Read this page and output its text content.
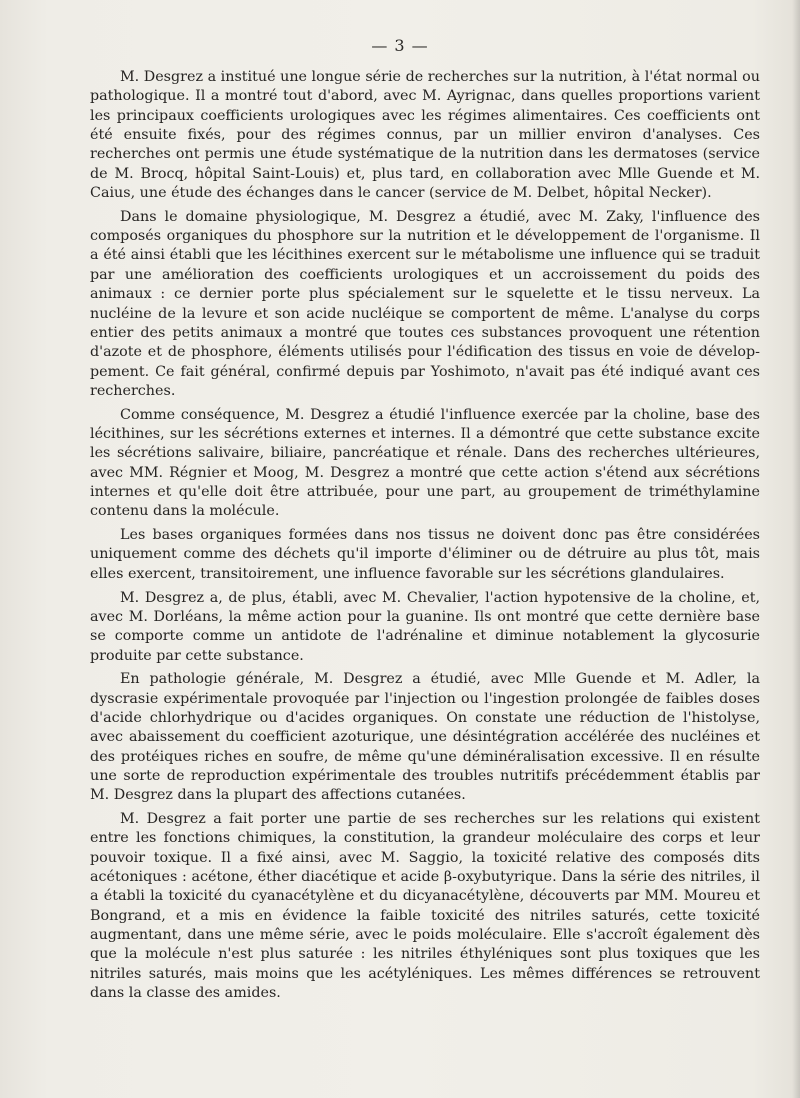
— 3 —

M. Desgrez a institué une longue série de recherches sur la nutrition, à l'état normal ou pathologique. Il a montré tout d'abord, avec M. Ayrignac, dans quelles proportions varient les principaux coefficients urologiques avec les régimes alimentaires. Ces coefficients ont été ensuite fixés, pour des régimes connus, par un millier environ d'analyses. Ces recherches ont permis une étude systématique de la nutrition dans les dermatoses (service de M. Brocq, hôpital Saint-Louis) et, plus tard, en collaboration avec Mlle Guende et M. Caius, une étude des échanges dans le cancer (service de M. Delbet, hôpital Necker).

Dans le domaine physiologique, M. Desgrez a étudié, avec M. Zaky, l'influence des composés organiques du phosphore sur la nutrition et le développement de l'organisme. Il a été ainsi établi que les lécithines exercent sur le métabolisme une influence qui se traduit par une amélioration des coefficients urologiques et un accroissement du poids des animaux : ce dernier porte plus spécialement sur le squelette et le tissu nerveux. La nucléine de la levure et son acide nucléique se comportent de même. L'analyse du corps entier des petits animaux a montré que toutes ces substances provoquent une rétention d'azote et de phosphore, éléments utilisés pour l'édification des tissus en voie de développement. Ce fait général, confirmé depuis par Yoshimoto, n'avait pas été indiqué avant ces recherches.

Comme conséquence, M. Desgrez a étudié l'influence exercée par la choline, base des lécithines, sur les sécrétions externes et internes. Il a démontré que cette substance excite les sécrétions salivaire, biliaire, pancréatique et rénale. Dans des recherches ultérieures, avec MM. Régnier et Moog, M. Desgrez a montré que cette action s'étend aux sécrétions internes et qu'elle doit être attribuée, pour une part, au groupement de triméthylamine contenu dans la molécule.

Les bases organiques formées dans nos tissus ne doivent donc pas être considérées uniquement comme des déchets qu'il importe d'éliminer ou de détruire au plus tôt, mais elles exercent, transitoirement, une influence favorable sur les sécrétions glandulaires.

M. Desgrez a, de plus, établi, avec M. Chevalier, l'action hypotensive de la choline, et, avec M. Dorléans, la même action pour la guanine. Ils ont montré que cette dernière base se comporte comme un antidote de l'adrénaline et diminue notablement la glycosurie produite par cette substance.

En pathologie générale, M. Desgrez a étudié, avec Mlle Guende et M. Adler, la dyscrasie expérimentale provoquée par l'injection ou l'ingestion prolongée de faibles doses d'acide chlorhydrique ou d'acides organiques. On constate une réduction de l'histolyse, avec abaissement du coefficient azoturique, une désintégration accélérée des nucléines et des protéiques riches en soufre, de même qu'une déminéralisation excessive. Il en résulte une sorte de reproduction expérimentale des troubles nutritifs précédemment établis par M. Desgrez dans la plupart des affections cutanées.

M. Desgrez a fait porter une partie de ses recherches sur les relations qui existent entre les fonctions chimiques, la constitution, la grandeur moléculaire des corps et leur pouvoir toxique. Il a fixé ainsi, avec M. Saggio, la toxicité relative des composés dits acétoniques : acétone, éther diacétique et acide β-oxybutyrique. Dans la série des nitriles, il a établi la toxicité du cyanacétylène et du dicyanacétylène, découverts par MM. Moureu et Bongrand, et a mis en évidence la faible toxicité des nitriles saturés, cette toxicité augmentant, dans une même série, avec le poids moléculaire. Elle s'accroît également dès que la molécule n'est plus saturée : les nitriles éthyléniques sont plus toxiques que les nitriles saturés, mais moins que les acétyléniques. Les mêmes différences se retrouvent dans la classe des amides.
